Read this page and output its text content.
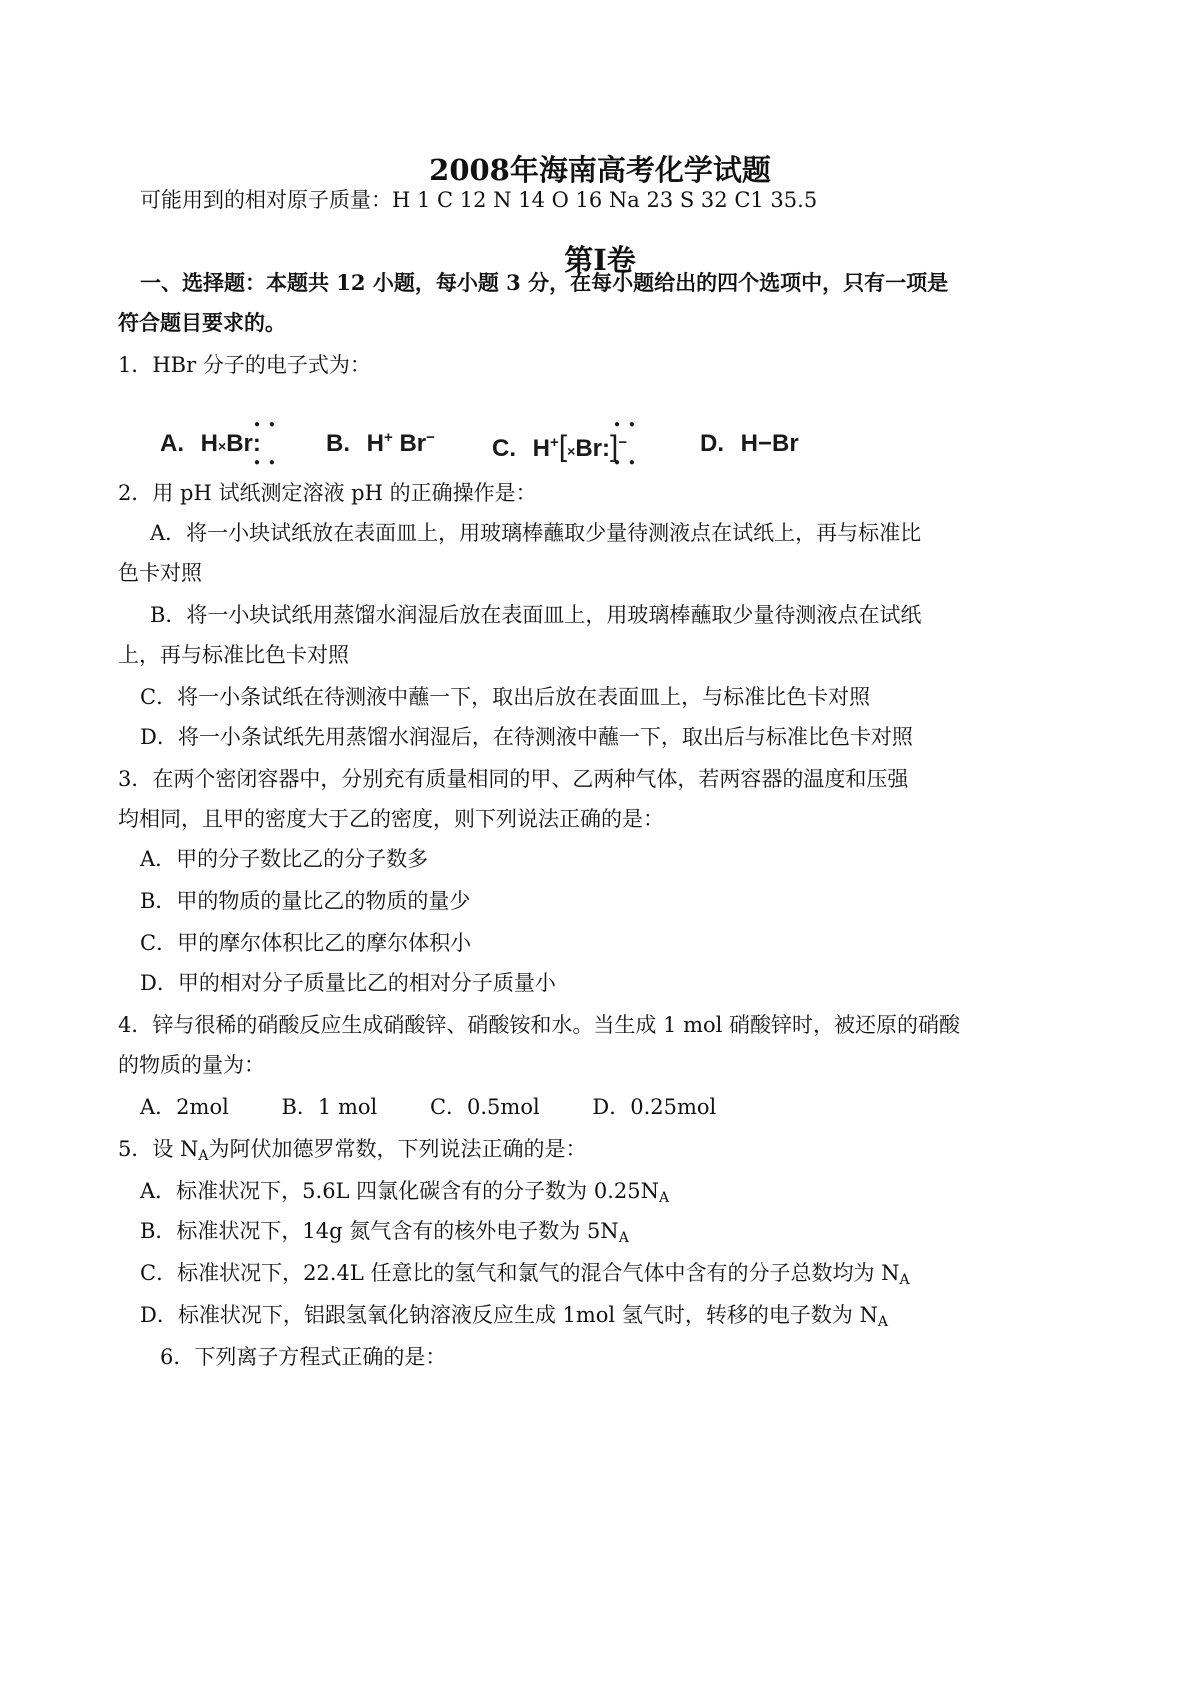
2008年海南高考化学试题
可能用到的相对原子质量：H 1 C 12 N 14 O 16 Na 23 S 32 C1 35.5
第Ⅰ卷
一、选择题：本题共 12 小题，每小题 3 分，在每小题给出的四个选项中，只有一项是
符合题目要求的。
1．HBr 分子的电子式为：
A. H×Br:
● ●
● ●
B. H+ Br− C. H+[×Br:]−
● ●
● ●
D. H−Br
2．用 pH 试纸测定溶液 pH 的正确操作是：
A．将一小块试纸放在表面皿上，用玻璃棒蘸取少量待测液点在试纸上，再与标准比
色卡对照
B．将一小块试纸用蒸馏水润湿后放在表面皿上，用玻璃棒蘸取少量待测液点在试纸
上，再与标准比色卡对照
C．将一小条试纸在待测液中蘸一下，取出后放在表面皿上，与标准比色卡对照
D．将一小条试纸先用蒸馏水润湿后，在待测液中蘸一下，取出后与标准比色卡对照
3．在两个密闭容器中，分别充有质量相同的甲、乙两种气体，若两容器的温度和压强
均相同，且甲的密度大于乙的密度，则下列说法正确的是：
A．甲的分子数比乙的分子数多
B．甲的物质的量比乙的物质的量少
C．甲的摩尔体积比乙的摩尔体积小
D．甲的相对分子质量比乙的相对分子质量小
4．锌与很稀的硝酸反应生成硝酸锌、硝酸铵和水。当生成 1 mol 硝酸锌时，被还原的硝酸
的物质的量为：
A．2mol	B．1 mol	C．0.5mol	D．0.25mol
5．设 $N_A$为阿伏加德罗常数，下列说法正确的是：
A．标准状况下，5.6L 四氯化碳含有的分子数为 $0.25N_A$
B．标准状况下，14g 氮气含有的核外电子数为 $5N_A$
C．标准状况下，22.4L 任意比的氢气和氯气的混合气体中含有的分子总数均为 $N_A$
D．标准状况下，铝跟氢氧化钠溶液反应生成 1mol 氢气时，转移的电子数为 $N_A$
6．下列离子方程式正确的是：
